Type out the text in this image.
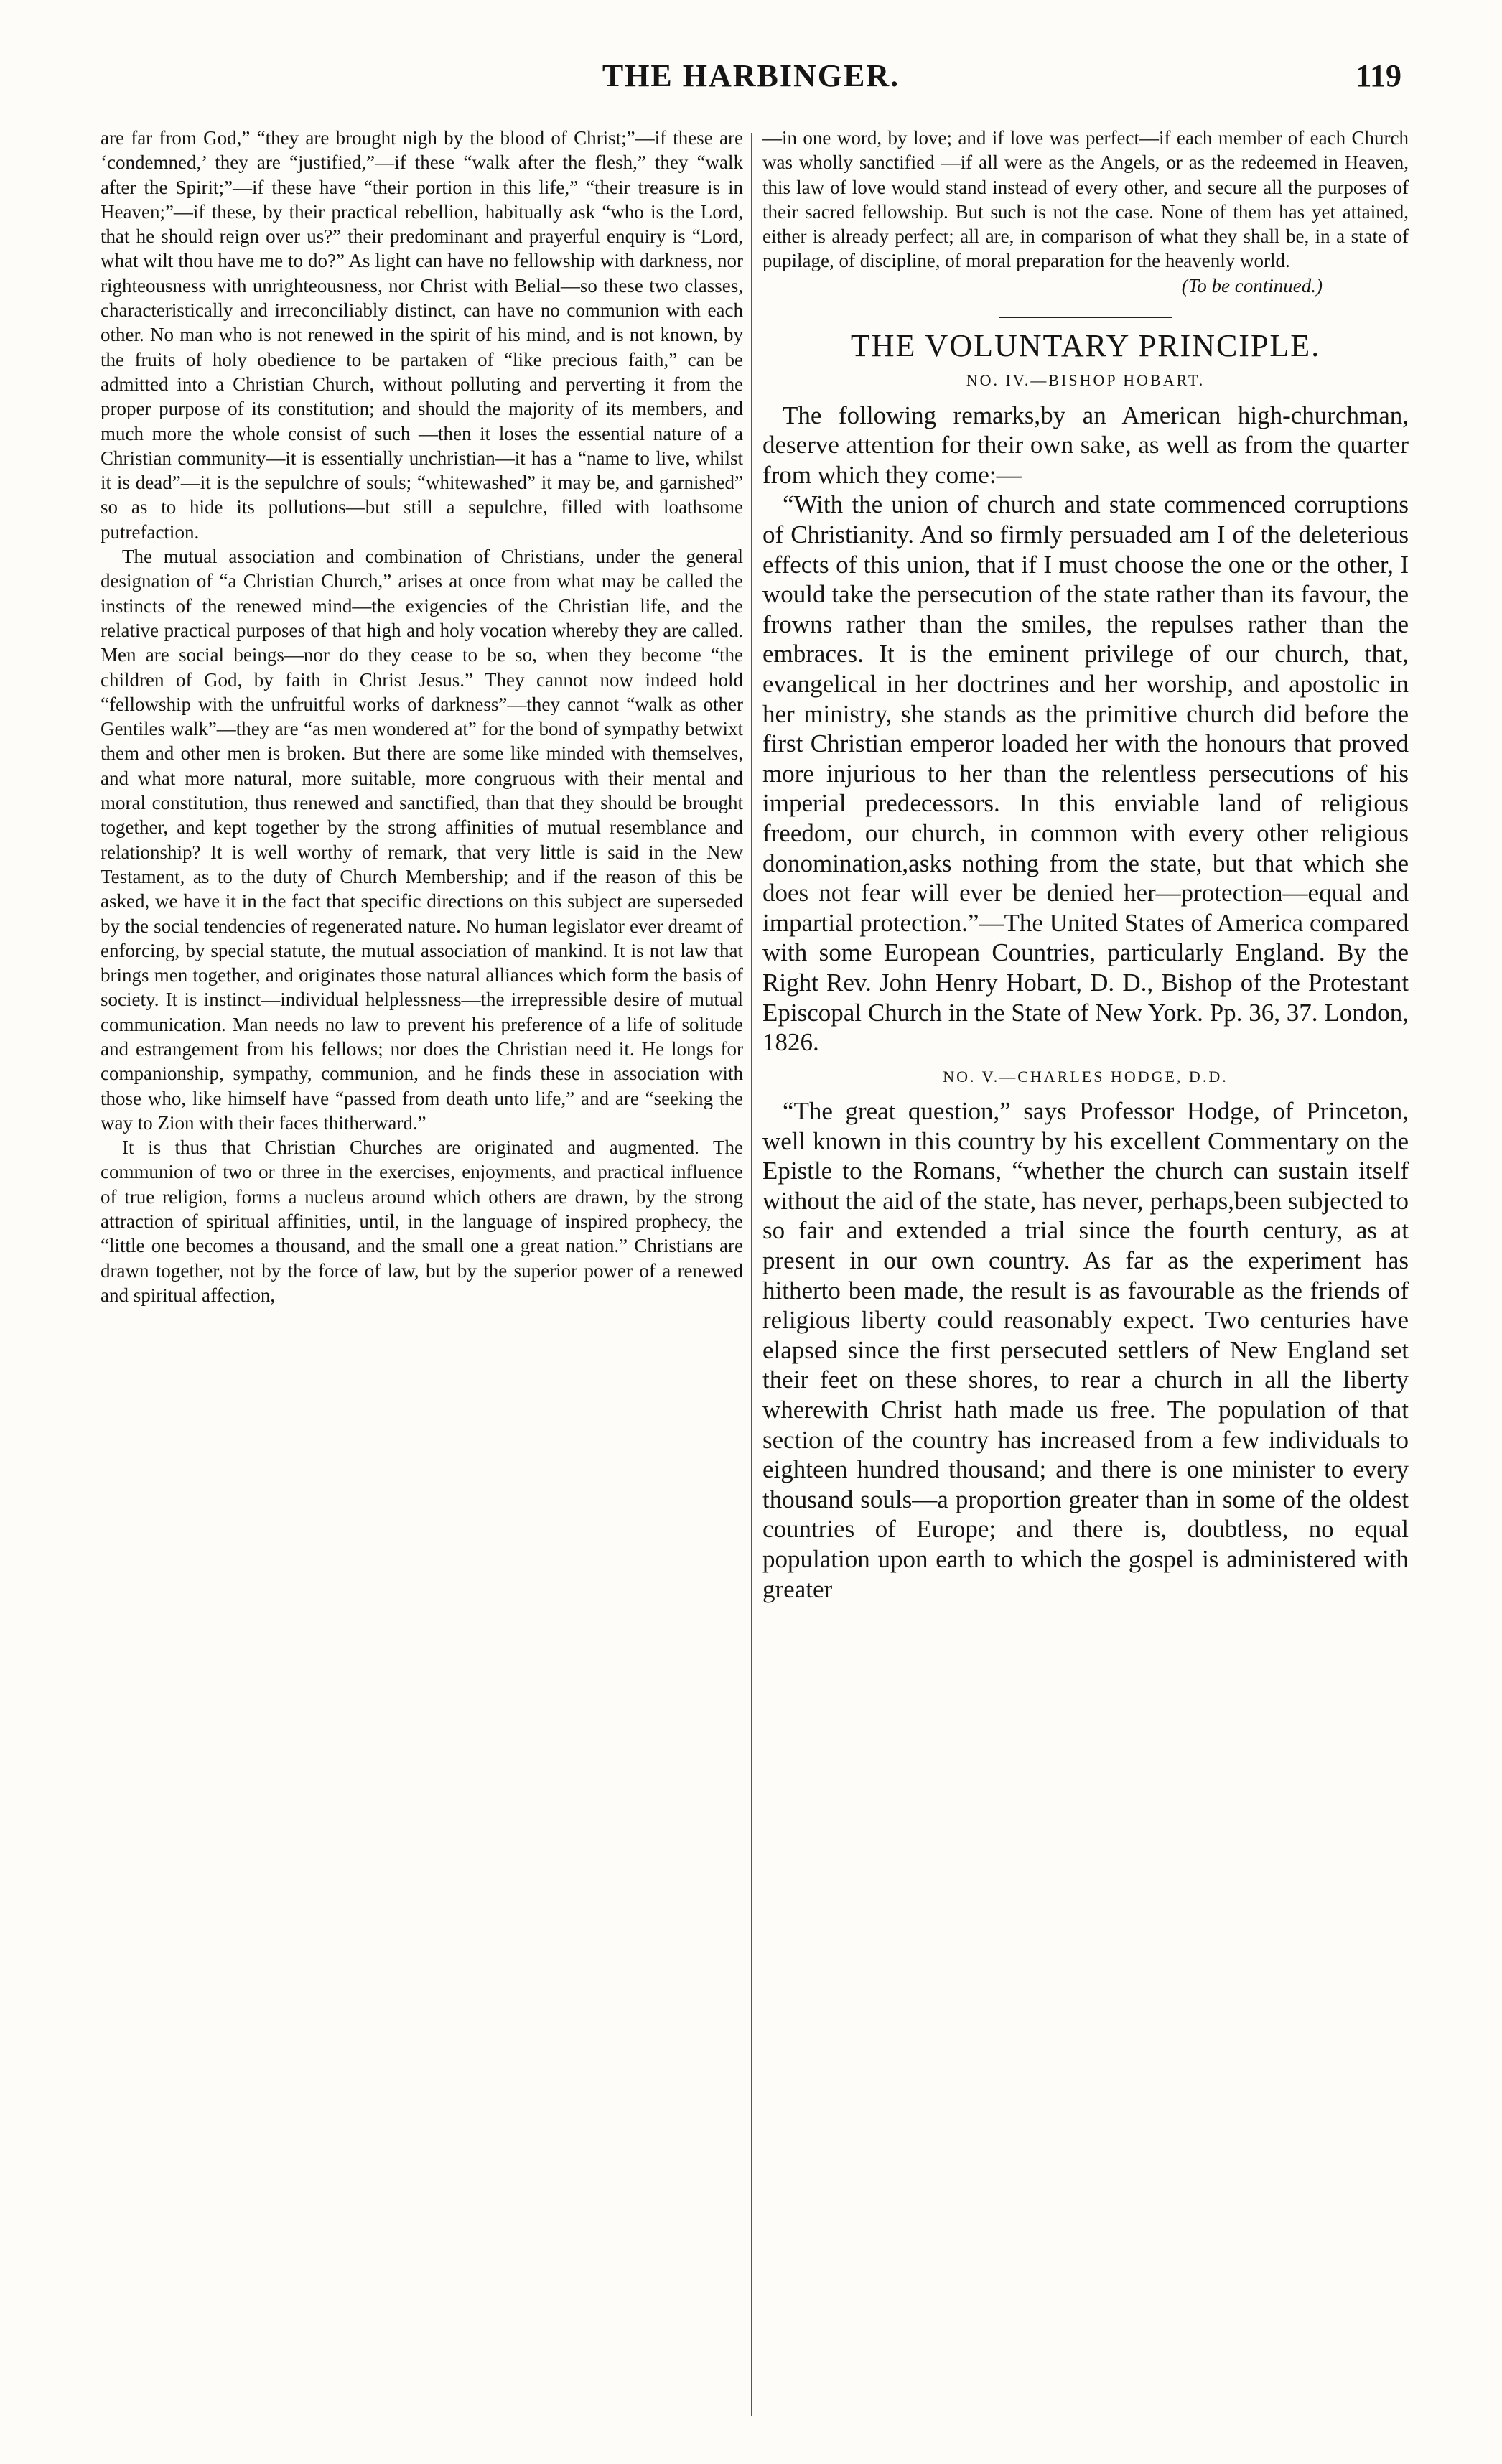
THE HARBINGER.	119

are far from God,” “they are brought nigh by the blood of Christ;”—if these are ‘condemned,’ they are “justified,”—if these “walk after the flesh,” they “walk after the Spirit;”—if these have “their portion in this life,” “their treasure is in Heaven;”—if these, by their practical rebellion, habitually ask “who is the Lord, that he should reign over us?” their predominant and prayerful enquiry is “Lord, what wilt thou have me to do?” As light can have no fellowship with darkness, nor righteousness with unrighteousness, nor Christ with Belial—so these two classes, characteristically and irreconciliably distinct, can have no communion with each other. No man who is not renewed in the spirit of his mind, and is not known, by the fruits of holy obedience to be partaken of “like precious faith,” can be admitted into a Christian Church, without polluting and perverting it from the proper purpose of its constitution; and should the majority of its members, and much more the whole consist of such —then it loses the essential nature of a Christian community—it is essentially unchristian—it has a “name to live, whilst it is dead”—it is the sepulchre of souls; “whitewashed” it may be, and garnished” so as to hide its pollutions—but still a sepulchre, filled with loathsome putrefaction.

The mutual association and combination of Christians, under the general designation of “a Christian Church,” arises at once from what may be called the instincts of the renewed mind—the exigencies of the Christian life, and the relative practical purposes of that high and holy vocation whereby they are called. Men are social beings—nor do they cease to be so, when they become “the children of God, by faith in Christ Jesus.” They cannot now indeed hold “fellowship with the unfruitful works of darkness”—they cannot “walk as other Gentiles walk”—they are “as men wondered at” for the bond of sympathy betwixt them and other men is broken. But there are some like minded with themselves, and what more natural, more suitable, more congruous with their mental and moral constitution, thus renewed and sanctified, than that they should be brought together, and kept together by the strong affinities of mutual resemblance and relationship? It is well worthy of remark, that very little is said in the New Testament, as to the duty of Church Membership; and if the reason of this be asked, we have it in the fact that specific directions on this subject are superseded by the social tendencies of regenerated nature. No human legislator ever dreamt of enforcing, by special statute, the mutual association of mankind. It is not law that brings men together, and originates those natural alliances which form the basis of society. It is instinct—individual helplessness—the irrepressible desire of mutual communication. Man needs no law to prevent his preference of a life of solitude and estrangement from his fellows; nor does the Christian need it. He longs for companionship, sympathy, communion, and he finds these in association with those who, like himself have “passed from death unto life,” and are “seeking the way to Zion with their faces thitherward.”

It is thus that Christian Churches are originated and augmented. The communion of two or three in the exercises, enjoyments, and practical influence of true religion, forms a nucleus around which others are drawn, by the strong attraction of spiritual affinities, until, in the language of inspired prophecy, the “little one becomes a thousand, and the small one a great nation.” Christians are drawn together, not by the force of law, but by the superior power of a renewed and spiritual affection,

—in one word, by love; and if love was perfect—if each member of each Church was wholly sanctified —if all were as the Angels, or as the redeemed in Heaven, this law of love would stand instead of every other, and secure all the purposes of their sacred fellowship. But such is not the case. None of them has yet attained, either is already perfect; all are, in comparison of what they shall be, in a state of pupilage, of discipline, of moral preparation for the heavenly world.

(To be continued.)

THE VOLUNTARY PRINCIPLE.
NO. IV.—BISHOP HOBART.

The following remarks,by an American high-churchman, deserve attention for their own sake, as well as from the quarter from which they come:—

“With the union of church and state commenced corruptions of Christianity. And so firmly persuaded am I of the deleterious effects of this union, that if I must choose the one or the other, I would take the persecution of the state rather than its favour, the frowns rather than the smiles, the repulses rather than the embraces. It is the eminent privilege of our church, that, evangelical in her doctrines and her worship, and apostolic in her ministry, she stands as the primitive church did before the first Christian emperor loaded her with the honours that proved more injurious to her than the relentless persecutions of his imperial predecessors. In this enviable land of religious freedom, our church, in common with every other religious donomination,asks nothing from the state, but that which she does not fear will ever be denied her—protection—equal and impartial protection.”—The United States of America compared with some European Countries, particularly England. By the Right Rev. John Henry Hobart, D. D., Bishop of the Protestant Episcopal Church in the State of New York. Pp. 36, 37. London, 1826.

NO. V.—CHARLES HODGE, D.D.

“The great question,” says Professor Hodge, of Princeton, well known in this country by his excellent Commentary on the Epistle to the Romans, “whether the church can sustain itself without the aid of the state, has never, perhaps,been subjected to so fair and extended a trial since the fourth century, as at present in our own country. As far as the experiment has hitherto been made, the result is as favourable as the friends of religious liberty could reasonably expect. Two centuries have elapsed since the first persecuted settlers of New England set their feet on these shores, to rear a church in all the liberty wherewith Christ hath made us free. The population of that section of the country has increased from a few individuals to eighteen hundred thousand; and there is one minister to every thousand souls—a proportion greater than in some of the oldest countries of Europe; and there is, doubtless, no equal population upon earth to which the gospel is administered with greater
